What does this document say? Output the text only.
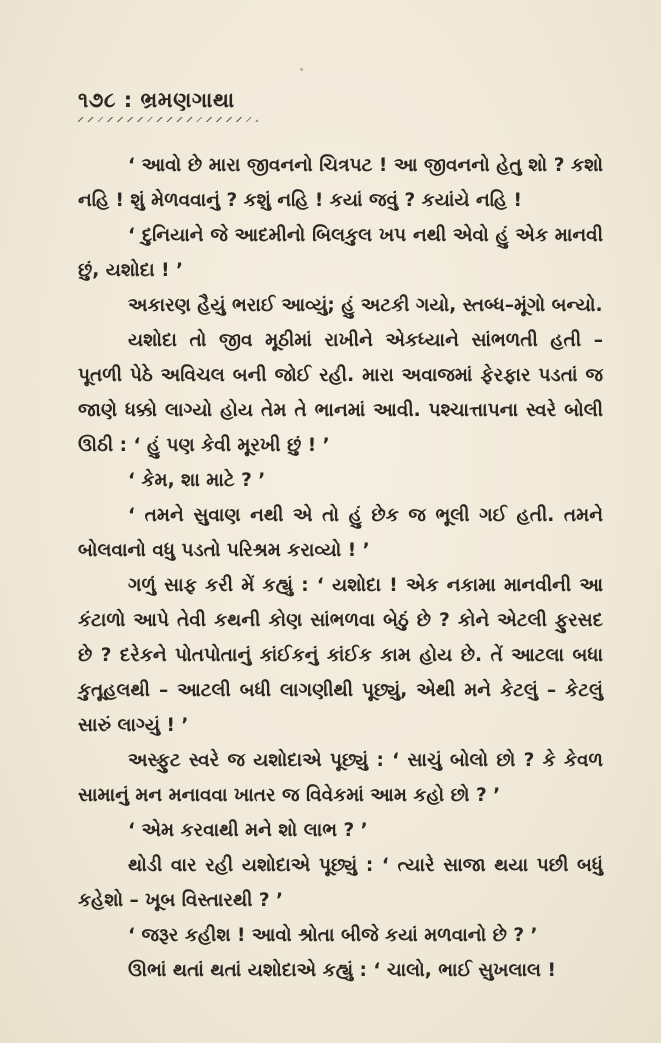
૧૭૮ : ભ્રમણગાથા

‘ આવો છે મારા જીવનનો ચિત્રપટ ! આ જીવનનો હેતુ શો ? કશો નહિ ! શું મેળવવાનું ? કશું નહિ ! કયાં જવું ? કયાંયે નહિ !

‘ દુનિયાને જે આદમીનો બિલકુલ ખપ નથી એવો હું એક માનવી છું, યશોદા ! ’

અકારણ હૈયું ભરાઈ આવ્યું; હું અટકી ગયો, સ્તબ્ધ–મૂંગો બન્યો.

યશોદા તો જીવ મૂઠીમાં રાખીને એકધ્યાને સાંભળતી હતી – પૂતળી પેઠે અવિચલ બની જોઈ રહી. મારા અવાજમાં ફેરફાર પડતાં જ જાણે ધક્કો લાગ્યો હોય તેમ તે ભાનમાં આવી. પશ્ચાત્તાપના સ્વરે બોલી ઊઠી : ‘ હું પણ કેવી મૂરખી છું ! ’

‘ કેમ, શા માટે ? ’

‘ તમને સુવાણ નથી એ તો હું છેક જ ભૂલી ગઈ હતી. તમને બોલવાનો વધુ પડતો પરિશ્રમ કરાવ્યો ! ’

ગળું સાફ કરી મેં કહ્યું : ‘ યશોદા ! એક નકામા માનવીની આ કંટાળો આપે તેવી કથની કોણ સાંભળવા બેઠું છે ? કોને એટલી ફુરસદ છે ? દરેકને પોતપોતાનું કાંઈકનું કાંઈક કામ હોય છે. તેં આટલા બધા કુતૂહલથી – આટલી બધી લાગણીથી પૂછ્યું, એથી મને કેટલું – કેટલું સારું લાગ્યું ! ’

અસ્ફુટ સ્વરે જ યશોદાએ પૂછ્યું : ‘ સાચું બોલો છો ? કે કેવળ સામાનું મન મનાવવા ખાતર જ વિવેકમાં આમ કહો છો ? ’

‘ એમ કરવાથી મને શો લાભ ? ’

થોડી વાર રહી યશોદાએ પૂછ્યું : ‘ ત્યારે સાજા થયા પછી બધું કહેશો – ખૂબ વિસ્તારથી ? ’

‘ જરૂર કહીશ ! આવો શ્રોતા બીજે કયાં મળવાનો છે ? ’

ઊભાં થતાં થતાં યશોદાએ કહ્યું : ‘ ચાલો, ભાઈ સુખલાલ !
